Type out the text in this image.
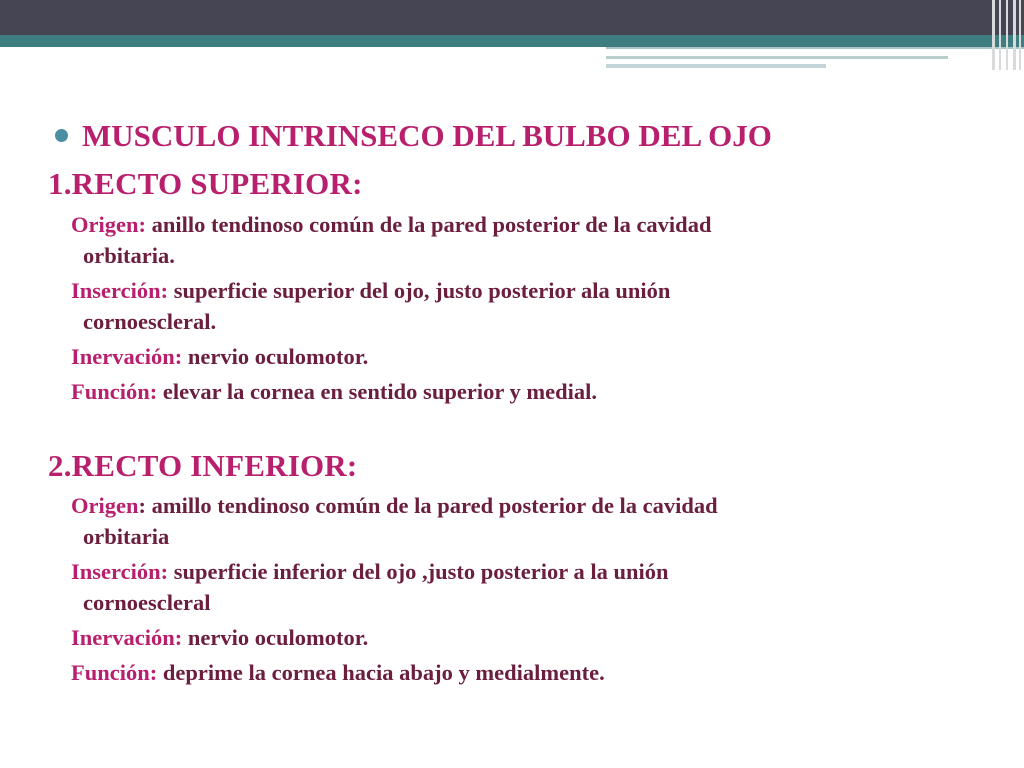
MUSCULO INTRINSECO DEL BULBO DEL OJO
1.RECTO SUPERIOR:
Origen: anillo tendinoso común de la pared posterior de la cavidad
orbitaria.
Inserción: superficie superior del ojo, justo posterior ala unión
cornoescleral.
Inervación: nervio oculomotor.
Función: elevar la cornea en sentido superior y medial.
2.RECTO INFERIOR:
Origen: amillo tendinoso común de la pared posterior de la cavidad
orbitaria
Inserción: superficie inferior del ojo ,justo posterior a la unión
cornoescleral
Inervación: nervio oculomotor.
Función: deprime la cornea hacia abajo y medialmente.
